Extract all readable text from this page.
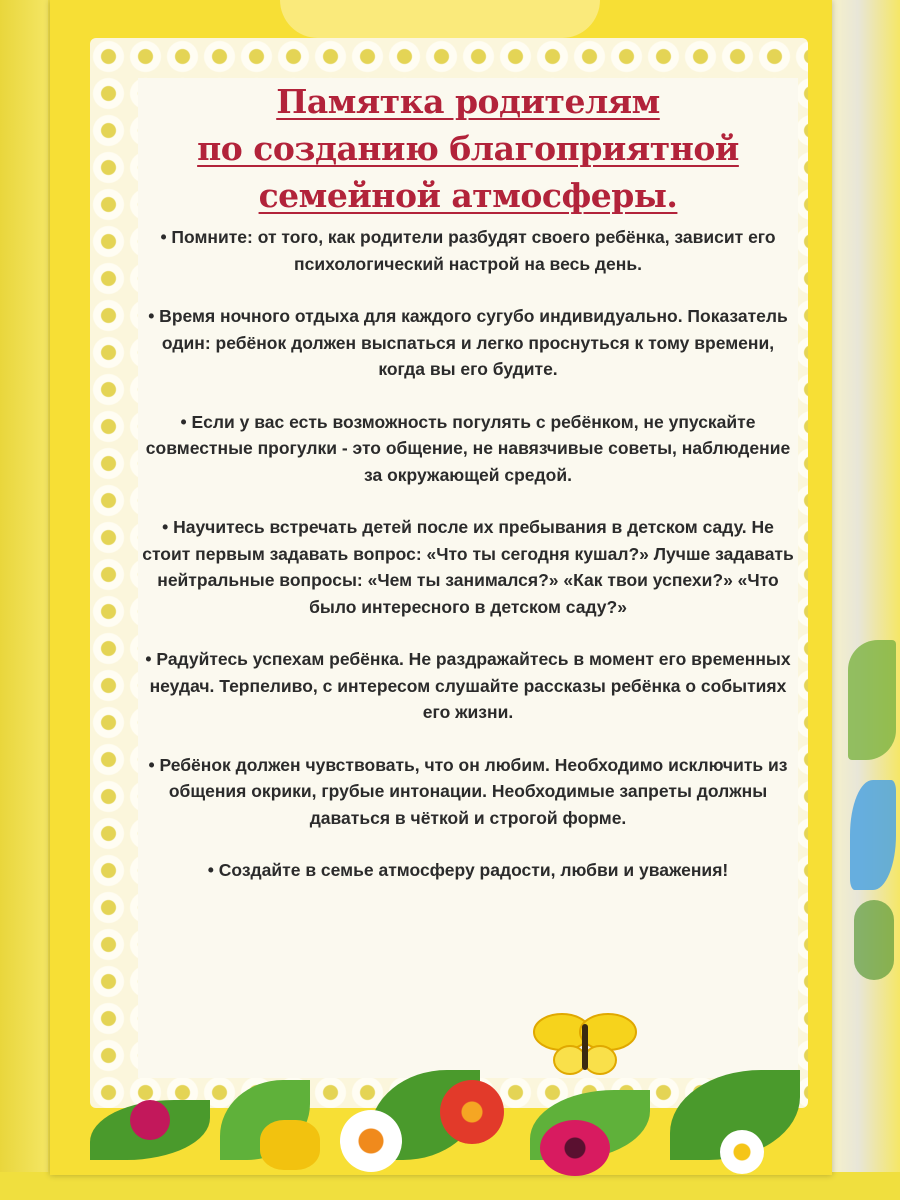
Памятка родителям
по созданию благоприятной
семейной атмосферы.

• Помните: от того, как родители разбудят своего ребёнка, зависит его психологический настрой на весь день.

• Время ночного отдыха для каждого сугубо индивидуально. Показатель один: ребёнок должен выспаться и легко проснуться к тому времени, когда вы его будите.

• Если у вас есть возможность погулять с ребёнком, не упускайте совместные прогулки - это общение, не навязчивые советы, наблюдение за окружающей средой.

• Научитесь встречать детей после их пребывания в детском саду. Не стоит первым задавать вопрос: «Что ты сегодня кушал?» Лучше задавать нейтральные вопросы: «Чем ты занимался?» «Как твои успехи?» «Что было интересного в детском саду?»

• Радуйтесь успехам ребёнка. Не раздражайтесь в момент его временных неудач. Терпеливо, с интересом слушайте рассказы ребёнка о событиях его жизни.

• Ребёнок должен чувствовать, что он любим. Необходимо исключить из общения окрики, грубые интонации. Необходимые запреты должны даваться в чёткой и строгой форме.

• Создайте в семье атмосферу радости, любви и уважения!
